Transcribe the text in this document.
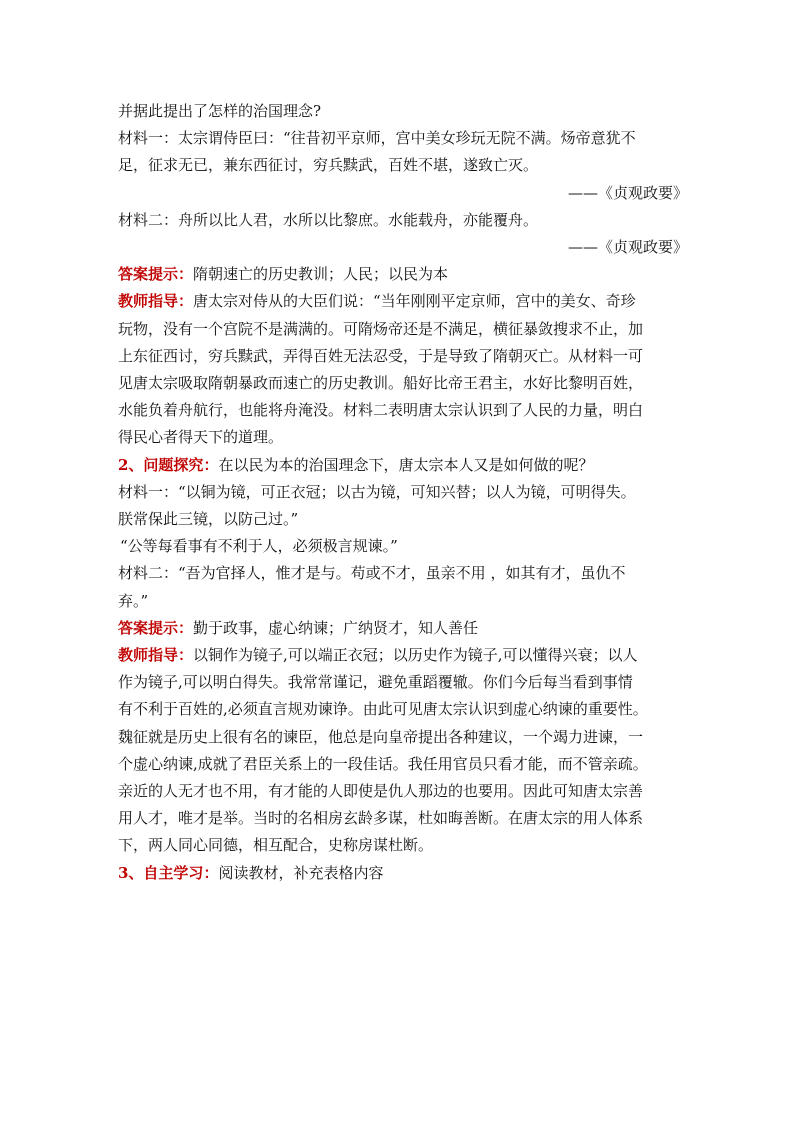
并据此提出了怎样的治国理念?
材料一：太宗谓侍臣曰：“往昔初平京师，宫中美女珍玩无院不满。炀帝意犹不
足，征求无已，兼东西征讨，穷兵黩武，百姓不堪，遂致亡灭。
——《贞观政要》
材料二：舟所以比人君，水所以比黎庶。水能载舟，亦能覆舟。
——《贞观政要》
答案提示：隋朝速亡的历史教训；人民；以民为本
教师指导：唐太宗对侍从的大臣们说：“当年刚刚平定京师，宫中的美女、奇珍
玩物，没有一个宫院不是满满的。可隋炀帝还是不满足，横征暴敛搜求不止，加
上东征西讨，穷兵黩武，弄得百姓无法忍受，于是导致了隋朝灭亡。从材料一可
见唐太宗吸取隋朝暴政而速亡的历史教训。船好比帝王君主，水好比黎明百姓，
水能负着舟航行，也能将舟淹没。材料二表明唐太宗认识到了人民的力量，明白
得民心者得天下的道理。
2、问题探究：在以民为本的治国理念下，唐太宗本人又是如何做的呢？
材料一：“以铜为镜，可正衣冠；以古为镜，可知兴替；以人为镜，可明得失。
朕常保此三镜，以防己过。”
“公等每看事有不利于人，必须极言规谏。”
材料二：“吾为官择人，惟才是与。苟或不才，虽亲不用 ，如其有才，虽仇不
弃。”
答案提示：勤于政事，虚心纳谏；广纳贤才，知人善任
教师指导：以铜作为镜子,可以端正衣冠；以历史作为镜子,可以懂得兴衰；以人
作为镜子,可以明白得失。我常常谨记，避免重蹈覆辙。你们今后每当看到事情
有不利于百姓的,必须直言规劝谏诤。由此可见唐太宗认识到虚心纳谏的重要性。
魏征就是历史上很有名的谏臣，他总是向皇帝提出各种建议，一个竭力进谏，一
个虚心纳谏,成就了君臣关系上的一段佳话。我任用官员只看才能，而不管亲疏。
亲近的人无才也不用，有才能的人即使是仇人那边的也要用。因此可知唐太宗善
用人才，唯才是举。当时的名相房玄龄多谋，杜如晦善断。在唐太宗的用人体系
下，两人同心同德，相互配合，史称房谋杜断。
3、自主学习：阅读教材，补充表格内容
